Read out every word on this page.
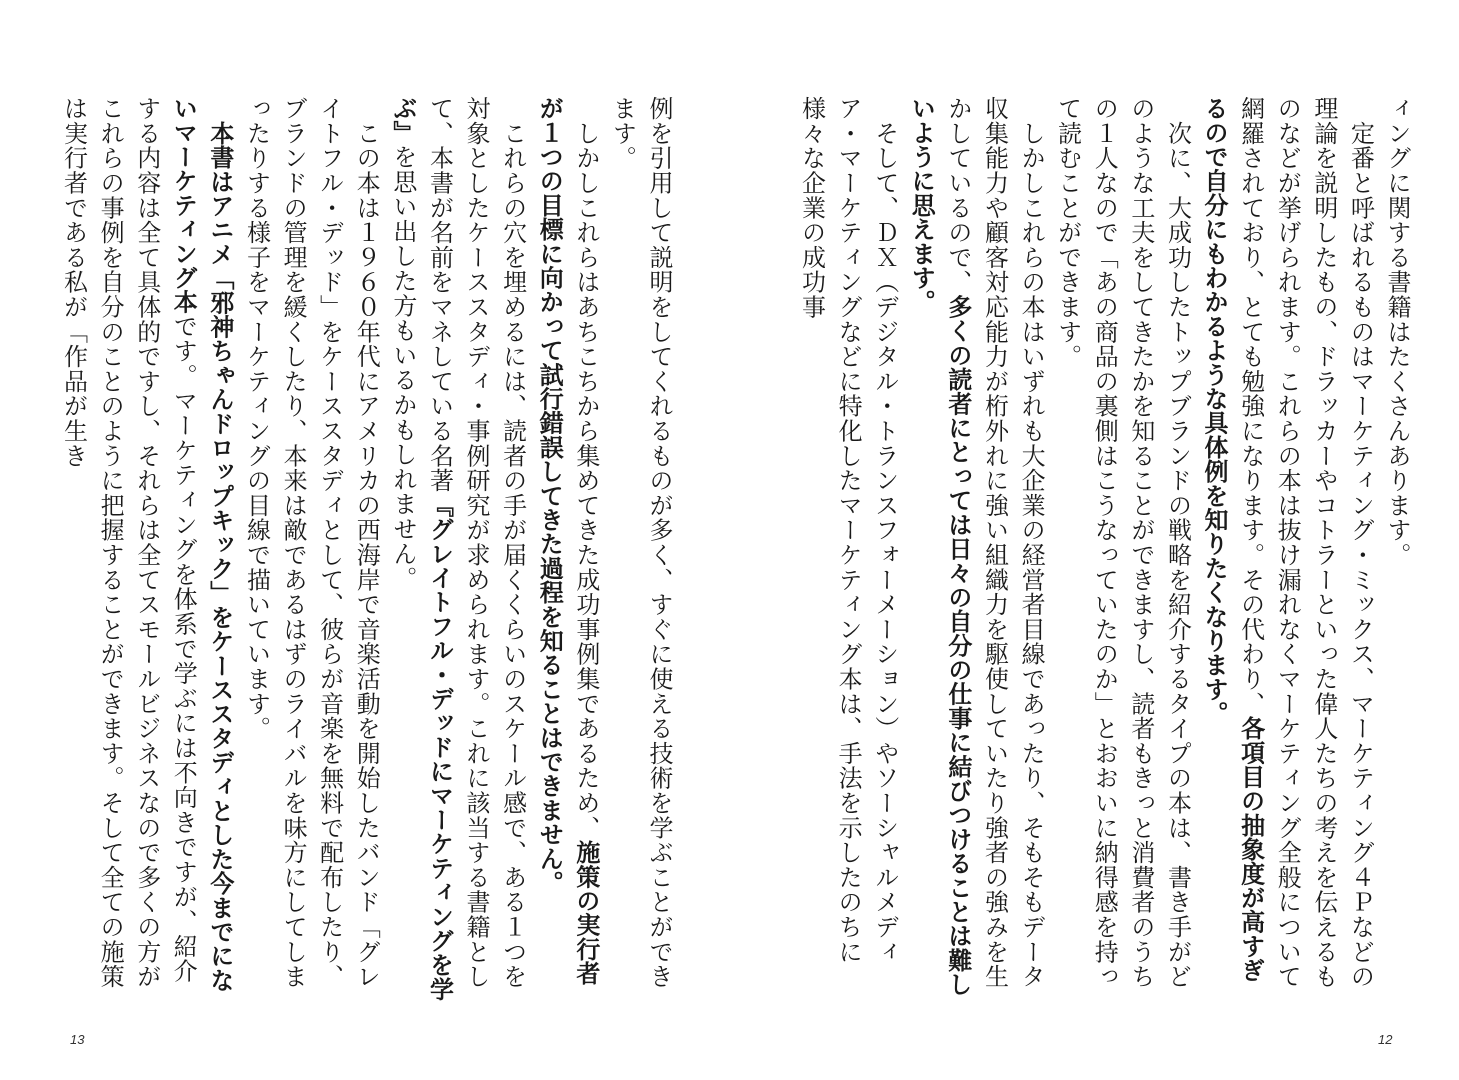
ィングに関する書籍はたくさんあります。

　定番と呼ばれるものはマーケティング・ミックス、マーケティング４Ｐなどの理論を説明したもの、ドラッカーやコトラーといった偉人たちの考えを伝えるものなどが挙げられます。これらの本は抜け漏れなくマーケティング全般について網羅されており、とても勉強になります。その代わり、各項目の抽象度が高すぎるので自分にもわかるような具体例を知りたくなります。

　次に、大成功したトップブランドの戦略を紹介するタイプの本は、書き手がどのような工夫をしてきたかを知ることができますし、読者もきっと消費者のうちの１人なので「あの商品の裏側はこうなっていたのか」とおおいに納得感を持って読むことができます。

　しかしこれらの本はいずれも大企業の経営者目線であったり、そもそもデータ収集能力や顧客対応能力が桁外れに強い組織力を駆使していたり強者の強みを生かしているので、多くの読者にとっては日々の自分の仕事に結びつけることは難しいように思えます。

　そして、ＤＸ（デジタル・トランスフォーメーション）やソーシャルメディア・マーケティングなどに特化したマーケティング本は、手法を示したのちに様々な企業の成功事

12

例を引用して説明をしてくれるものが多く、すぐに使える技術を学ぶことができます。

　しかしこれらはあちこちから集めてきた成功事例集であるため、施策の実行者が１つの目標に向かって試行錯誤してきた過程を知ることはできません。

　これらの穴を埋めるには、読者の手が届くくらいのスケール感で、ある１つを対象としたケーススタディ・事例研究が求められます。これに該当する書籍として、本書が名前をマネしている名著『グレイトフル・デッドにマーケティングを学ぶ』を思い出した方もいるかもしれません。

　この本は１９６０年代にアメリカの西海岸で音楽活動を開始したバンド「グレイトフル・デッド」をケーススタディとして、彼らが音楽を無料で配布したり、ブランドの管理を緩くしたり、本来は敵であるはずのライバルを味方にしてしまったりする様子をマーケティングの目線で描いています。

　本書はアニメ「邪神ちゃんドロップキック」をケーススタディとした今までにないマーケティング本です。マーケティングを体系で学ぶには不向きですが、紹介する内容は全て具体的ですし、それらは全てスモールビジネスなので多くの方がこれらの事例を自分のことのように把握することができます。そして全ての施策は実行者である私が「作品が生き

13
